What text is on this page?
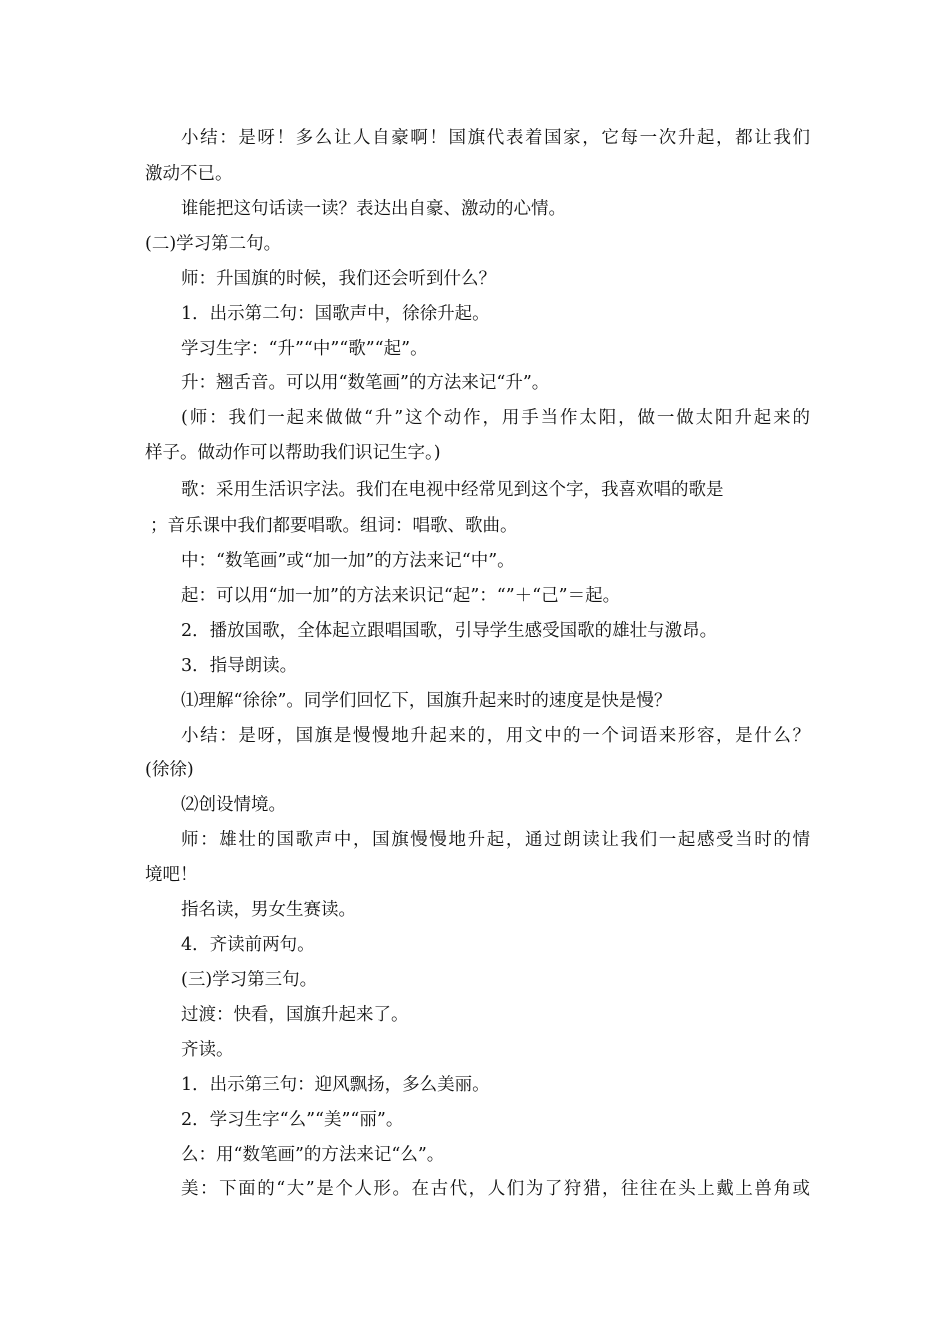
小结：是呀！多么让人自豪啊！国旗代表着国家，它每一次升起，都让我们
激动不已。
谁能把这句话读一读？表达出自豪、激动的心情。
(二)学习第二句。
师：升国旗的时候，我们还会听到什么？
1．出示第二句：国歌声中，徐徐升起。
学习生字：“升”“中”“歌”“起”。
升：翘舌音。可以用“数笔画”的方法来记“升”。
(师：我们一起来做做“升”这个动作，用手当作太阳，做一做太阳升起来的
样子。做动作可以帮助我们识记生字。)
歌：采用生活识字法。我们在电视中经常见到这个字，我喜欢唱的歌是
；音乐课中我们都要唱歌。组词：唱歌、歌曲。
中：“数笔画”或“加一加”的方法来记“中”。
起：可以用“加一加”的方法来识记“起”：“”＋“己”＝起。
2．播放国歌，全体起立跟唱国歌，引导学生感受国歌的雄壮与激昂。
3．指导朗读。
⑴理解“徐徐”。同学们回忆下，国旗升起来时的速度是快是慢？
小结：是呀，国旗是慢慢地升起来的，用文中的一个词语来形容，是什么？
(徐徐)
⑵创设情境。
师：雄壮的国歌声中，国旗慢慢地升起，通过朗读让我们一起感受当时的情
境吧！
指名读，男女生赛读。
4．齐读前两句。
(三)学习第三句。
过渡：快看，国旗升起来了。
齐读。
1．出示第三句：迎风飘扬，多么美丽。
2．学习生字“么”“美”“丽”。
么：用“数笔画”的方法来记“么”。
美：下面的“大”是个人形。在古代，人们为了狩猎，往往在头上戴上兽角或
